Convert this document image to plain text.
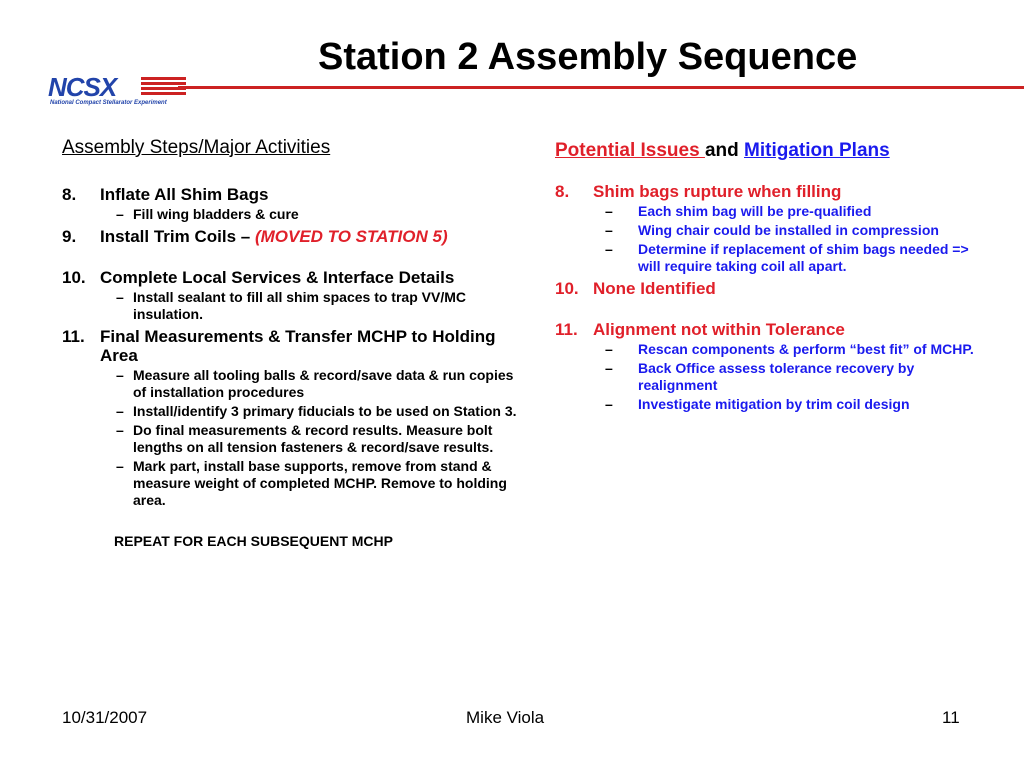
Station 2 Assembly Sequence
NCSX
National Compact Stellarator Experiment
Assembly Steps/Major Activities
8. Inflate All Shim Bags
– Fill wing bladders & cure
9. Install Trim Coils – (MOVED TO STATION 5)
10. Complete Local Services & Interface Details
– Install sealant to fill all shim spaces to trap VV/MC insulation.
11. Final Measurements & Transfer MCHP to Holding Area
– Measure all tooling balls & record/save data & run copies of installation procedures
– Install/identify 3 primary fiducials to be used on Station 3.
– Do final measurements & record results. Measure bolt lengths on all tension fasteners & record/save results.
– Mark part, install base supports, remove from stand & measure weight of completed MCHP. Remove to holding area.
REPEAT FOR EACH SUBSEQUENT MCHP
Potential Issues and Mitigation Plans
8. Shim bags rupture when filling
– Each shim bag will be pre-qualified
– Wing chair could be installed in compression
– Determine if replacement of shim bags needed => will require taking coil all apart.
10. None Identified
11. Alignment not within Tolerance
– Rescan components & perform “best fit” of MCHP.
– Back Office assess tolerance recovery by realignment
– Investigate mitigation by trim coil design
10/31/2007	Mike Viola	11
